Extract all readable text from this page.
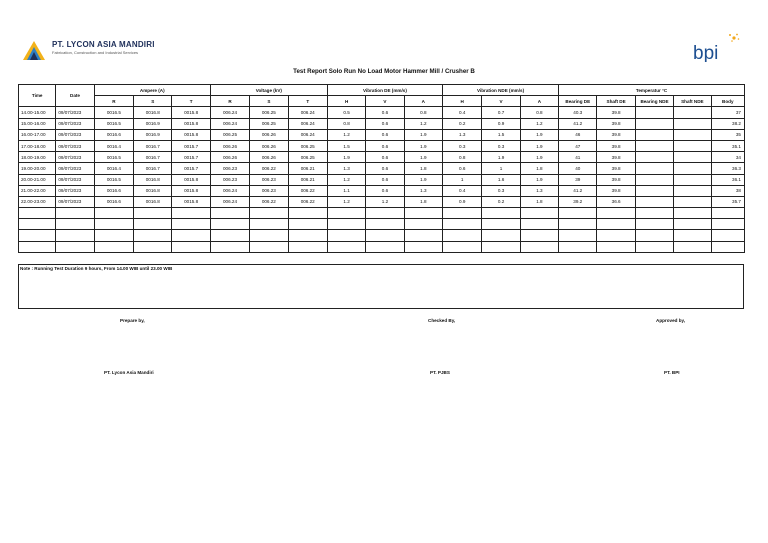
PT. LYCON ASIA MANDIRI
Fabrication, Construction and Industrial Services	bpi
Test Report Solo Run No Load Motor Hammer Mill / Crusher B
Time	Date	Ampere (A)			Voltage (kV)			Vibration DE (mm/s)			Vibration NDE (mm/s)			Temperatur °C				
		R	S	T	R	S	T	H	V	A	H	V	A	Bearing DE	Shaft DE	Bearing NDE	Shaft NDE	Body
14.00-15.00	09/07/2023	0016.5	0016.8	0015.8	006.24	006.25	006.24	0.5	0.6	0.8	0.4	0.7	0.8	40.3	39.8			37
15.00-16.00	09/07/2023	0016.5	0016.9	0015.8	006.24	006.25	006.24	0.8	0.6	1.2	0.2	0.9	1.2	41.2	39.8			38.2
16.00-17.00	09/07/2023	0016.6	0016.9	0015.8	006.25	006.26	006.24	1.2	0.6	1.9	1.3	1.5	1.9	46	39.8			35
17.00-18.00	09/07/2023	0016.4	0016.7	0015.7	006.26	006.26	006.25	1.5	0.6	1.9	0.3	0.3	1.9	47	39.8			35.1
18.00-19.00	09/07/2023	0016.5	0016.7	0015.7	006.26	006.26	006.25	1.9	0.6	1.9	0.8	1.9	1.9	41	39.8			34
19.00-20.00	09/07/2023	0016.4	0016.7	0015.7	006.23	006.22	006.21	1.3	0.6	1.8	0.6	1	1.8	40	39.8			36.3
20.00-21.00	09/07/2023	0016.5	0016.8	0015.8	006.23	006.23	006.21	1.2	0.6	1.9	1	1.6	1.9	39	39.8			36.1
21.00-22.00	09/07/2023	0016.6	0016.8	0015.8	006.24	006.23	006.22	1.1	0.6	1.3	0.4	0.3	1.3	41.2	39.8			38
22.00-23.00	09/07/2023	0016.6	0016.8	0015.8	006.24	006.22	006.22	1.2	1.2	1.8	0.9	0.2	1.8	39.2	36.6			35.7

Note : Running Test Duration 9 hours, From 14.00 WIB until 23.00 WIB
Prepare by,	Checked By,	Approved by,
PT. Lycon Asia Mandiri	PT. PJBS	PT. BPI
